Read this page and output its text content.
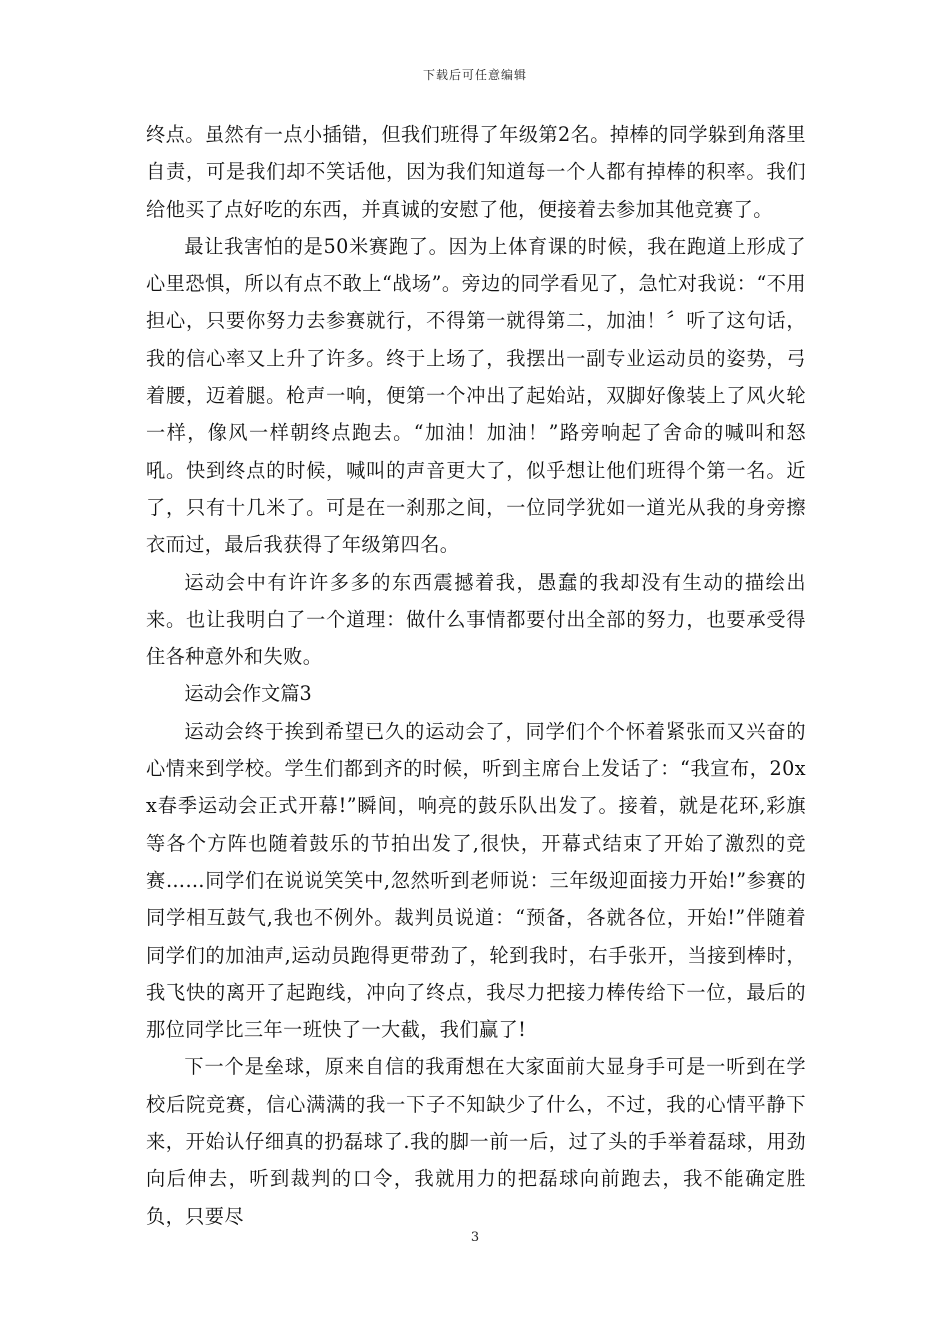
下载后可任意编辑

终点。虽然有一点小插错，但我们班得了年级第2名。掉棒的同学躲到角落里自责，可是我们却不笑话他，因为我们知道每一个人都有掉棒的积率。我们给他买了点好吃的东西，并真诚的安慰了他，便接着去参加其他竞赛了。

最让我害怕的是50米赛跑了。因为上体育课的时候，我在跑道上形成了心里恐惧，所以有点不敢上“战场”。旁边的同学看见了，急忙对我说：“不用担心，只要你努力去参赛就行，不得第一就得第二，加油！〞听了这句话，我的信心率又上升了许多。终于上场了，我摆出一副专业运动员的姿势，弓着腰，迈着腿。枪声一响，便第一个冲出了起始站，双脚好像装上了风火轮一样，像风一样朝终点跑去。“加油！加油！”路旁响起了舍命的喊叫和怒吼。快到终点的时候，喊叫的声音更大了，似乎想让他们班得个第一名。近了，只有十几米了。可是在一刹那之间，一位同学犹如一道光从我的身旁擦衣而过，最后我获得了年级第四名。

运动会中有许许多多的东西震撼着我，愚蠢的我却没有生动的描绘出来。也让我明白了一个道理：做什么事情都要付出全部的努力，也要承受得住各种意外和失败。

运动会作文篇3

运动会终于挨到希望已久的运动会了，同学们个个怀着紧张而又兴奋的心情来到学校。学生们都到齐的时候，听到主席台上发话了：“我宣布，20xx春季运动会正式开幕!”瞬间，响亮的鼓乐队出发了。接着，就是花环,彩旗等各个方阵也随着鼓乐的节拍出发了,很快，开幕式结束了开始了激烈的竞赛……同学们在说说笑笑中,忽然听到老师说：三年级迎面接力开始!”参赛的同学相互鼓气,我也不例外。裁判员说道：“预备，各就各位，开始!”伴随着同学们的加油声,运动员跑得更带劲了，轮到我时，右手张开，当接到棒时，我飞快的离开了起跑线，冲向了终点，我尽力把接力棒传给下一位，最后的那位同学比三年一班快了一大截，我们赢了!

下一个是垒球，原来自信的我甭想在大家面前大显身手可是一听到在学校后院竞赛，信心满满的我一下子不知缺少了什么，不过，我的心情平静下来，开始认仔细真的扔磊球了.我的脚一前一后，过了头的手举着磊球，用劲向后伸去，听到裁判的口令，我就用力的把磊球向前跑去，我不能确定胜负，只要尽

3
